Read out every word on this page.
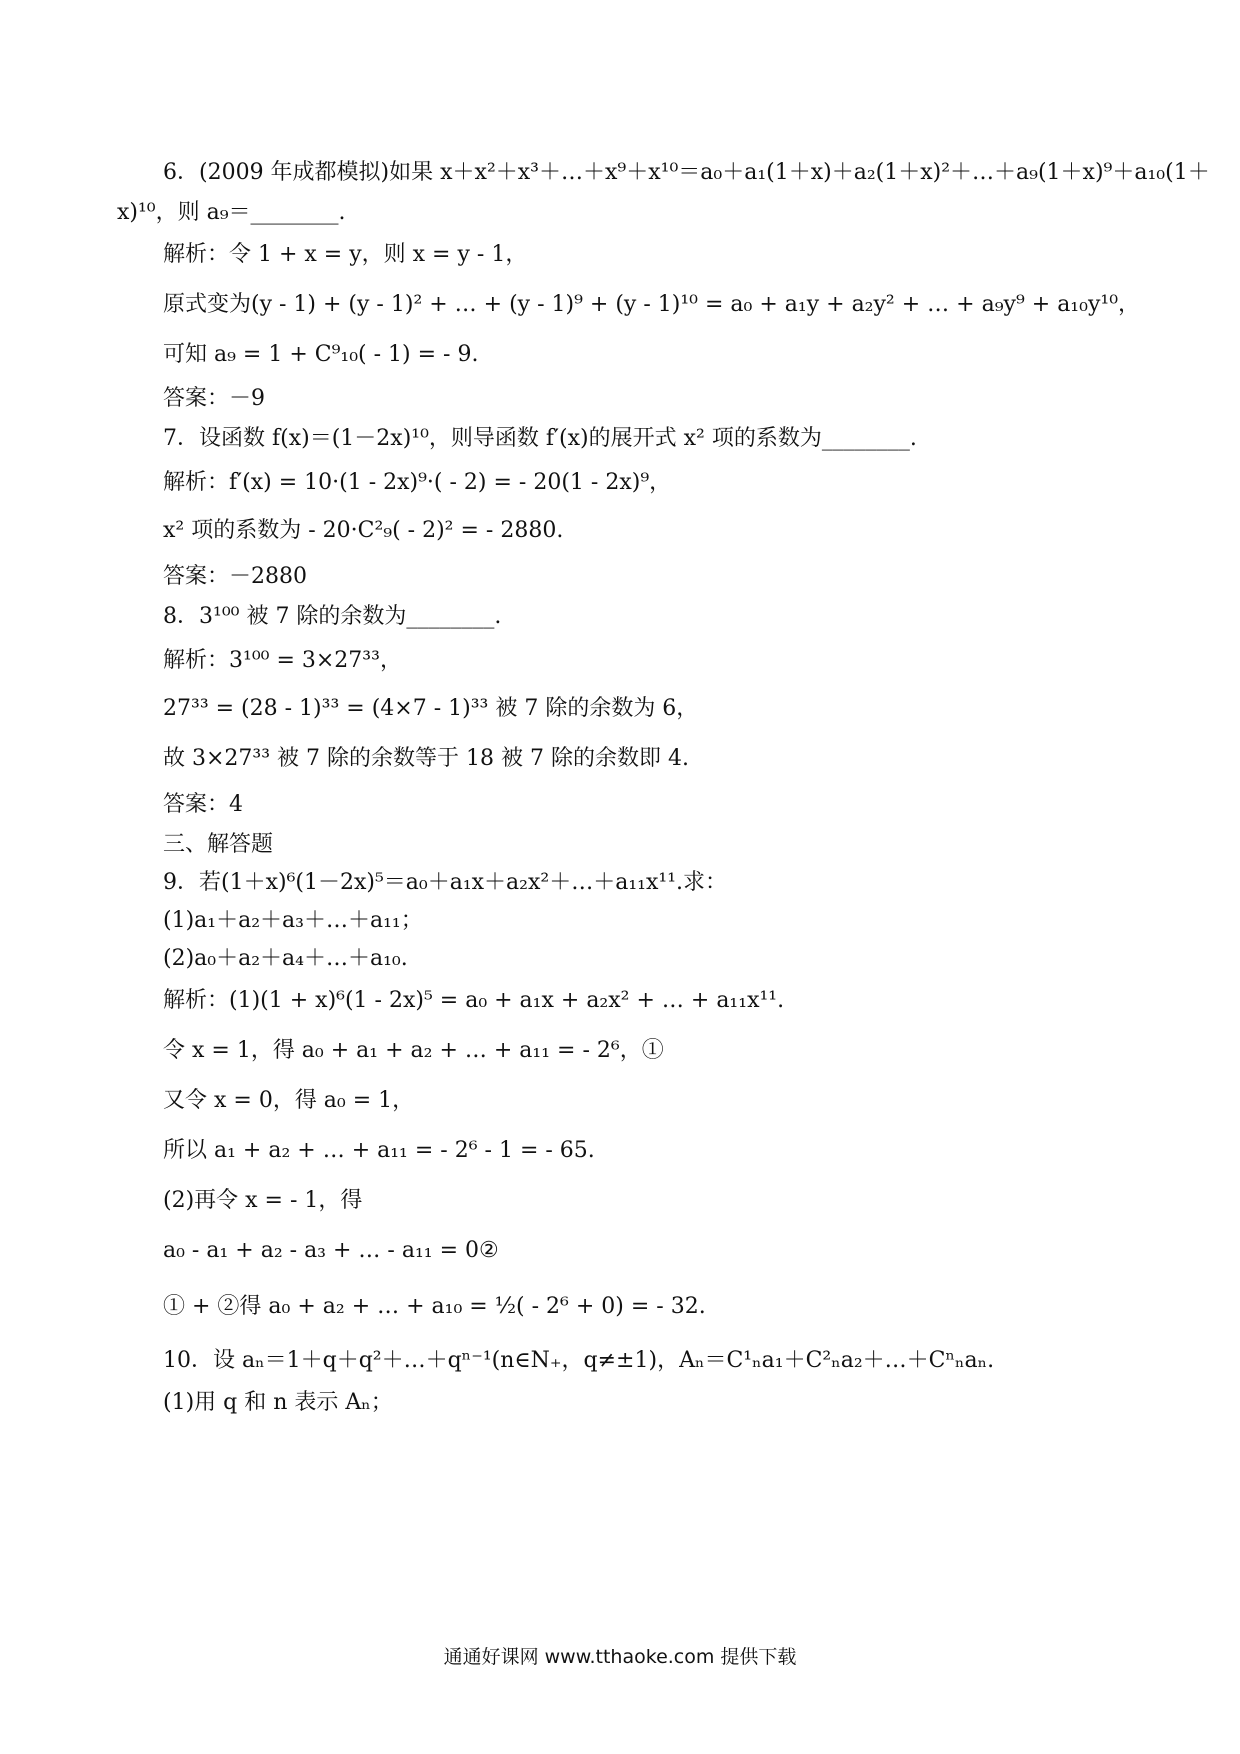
6．(2009 年成都模拟)如果 x＋x²＋x³＋…＋x⁹＋x¹⁰＝a₀＋a₁(1＋x)＋a₂(1＋x)²＋…＋a₉(1＋x)⁹＋a₁₀(1＋
x)¹⁰，则 a₉＝________.
解析：令 1 + x = y，则 x = y - 1，
原式变为(y - 1) + (y - 1)² + … + (y - 1)⁹ + (y - 1)¹⁰ = a₀ + a₁y + a₂y² + … + a₉y⁹ + a₁₀y¹⁰，
可知 a₉ = 1 + C⁹₁₀( - 1) = - 9.
答案：－9
7．设函数 f(x)＝(1－2x)¹⁰，则导函数 f′(x)的展开式 x² 项的系数为________.
解析：f′(x) = 10·(1 - 2x)⁹·( - 2) = - 20(1 - 2x)⁹，
x² 项的系数为 - 20·C²₉( - 2)² = - 2880.
答案：－2880
8．3¹⁰⁰ 被 7 除的余数为________.
解析：3¹⁰⁰ = 3×27³³，
27³³ = (28 - 1)³³ = (4×7 - 1)³³ 被 7 除的余数为 6，
故 3×27³³ 被 7 除的余数等于 18 被 7 除的余数即 4.
答案：4
三、解答题
9．若(1＋x)⁶(1－2x)⁵＝a₀＋a₁x＋a₂x²＋…＋a₁₁x¹¹.求：
(1)a₁＋a₂＋a₃＋…＋a₁₁；
(2)a₀＋a₂＋a₄＋…＋a₁₀.
解析：(1)(1 + x)⁶(1 - 2x)⁵ = a₀ + a₁x + a₂x² + … + a₁₁x¹¹.
令 x = 1，得 a₀ + a₁ + a₂ + … + a₁₁ = - 2⁶，①
又令 x = 0，得 a₀ = 1，
所以 a₁ + a₂ + … + a₁₁ = - 2⁶ - 1 = - 65.
(2)再令 x = - 1，得
a₀ - a₁ + a₂ - a₃ + … - a₁₁ = 0②
① + ②得 a₀ + a₂ + … + a₁₀ = ½( - 2⁶ + 0) = - 32.
10．设 aₙ＝1＋q＋q²＋…＋qⁿ⁻¹(n∈N₊，q≠±1)，Aₙ＝C¹ₙa₁＋C²ₙa₂＋…＋Cⁿₙaₙ.
(1)用 q 和 n 表示 Aₙ；
通通好课网 www.tthaoke.com 提供下载
